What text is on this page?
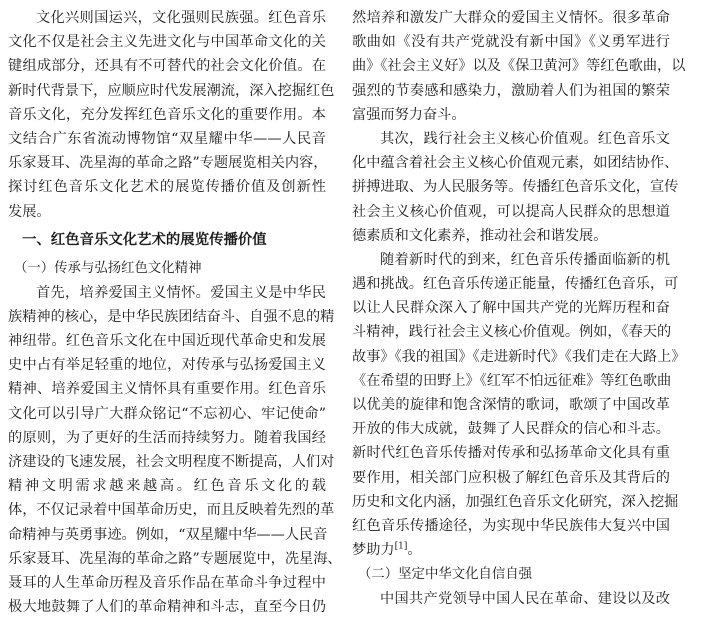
文化兴则国运兴，文化强则民族强。红色音乐
文化不仅是社会主义先进文化与中国革命文化的关
键组成部分，还具有不可替代的社会文化价值。在
新时代背景下，应顺应时代发展潮流，深入挖掘红色
音乐文化，充分发挥红色音乐文化的重要作用。本
文结合广东省流动博物馆“双星耀中华——人民音
乐家聂耳、冼星海的革命之路”专题展览相关内容，
探讨红色音乐文化艺术的展览传播价值及创新性
发展。
一、红色音乐文化艺术的展览传播价值
（一）传承与弘扬红色文化精神
首先，培养爱国主义情怀。爱国主义是中华民
族精神的核心，是中华民族团结奋斗、自强不息的精
神纽带。红色音乐文化在中国近现代革命史和发展
史中占有举足轻重的地位，对传承与弘扬爱国主义
精神、培养爱国主义情怀具有重要作用。红色音乐
文化可以引导广大群众铭记“不忘初心、牢记使命”
的原则，为了更好的生活而持续努力。随着我国经
济建设的飞速发展，社会文明程度不断提高，人们对
精神文明需求越来越高。红色音乐文化的载
体，不仅记录着中国革命历史，而且反映着先烈的革
命精神与英勇事迹。例如，“双星耀中华——人民音
乐家聂耳、冼星海的革命之路”专题展览中，冼星海、
聂耳的人生革命历程及音乐作品在革命斗争过程中
极大地鼓舞了人们的革命精神和斗志，直至今日仍
然培养和激发广大群众的爱国主义情怀。很多革命
歌曲如《没有共产党就没有新中国》《义勇军进行
曲》《社会主义好》以及《保卫黄河》等红色歌曲，以
强烈的节奏感和感染力，激励着人们为祖国的繁荣
富强而努力奋斗。
其次，践行社会主义核心价值观。红色音乐文
化中蕴含着社会主义核心价值观元素，如团结协作、
拼搏进取、为人民服务等。传播红色音乐文化，宣传
社会主义核心价值观，可以提高人民群众的思想道
德素质和文化素养，推动社会和谐发展。
随着新时代的到来，红色音乐传播面临新的机
遇和挑战。红色音乐传递正能量，传播红色音乐，可
以让人民群众深入了解中国共产党的光辉历程和奋
斗精神，践行社会主义核心价值观。例如，《春天的
故事》《我的祖国》《走进新时代》《我们走在大路上》
《在希望的田野上》《红军不怕远征难》等红色歌曲
以优美的旋律和饱含深情的歌词，歌颂了中国改革
开放的伟大成就，鼓舞了人民群众的信心和斗志。
新时代红色音乐传播对传承和弘扬革命文化具有重
要作用，相关部门应积极了解红色音乐及其背后的
历史和文化内涵，加强红色音乐文化研究，深入挖掘
红色音乐传播途径，为实现中华民族伟大复兴中国
梦助力[1]。
（二）坚定中华文化自信自强
中国共产党领导中国人民在革命、建设以及改
